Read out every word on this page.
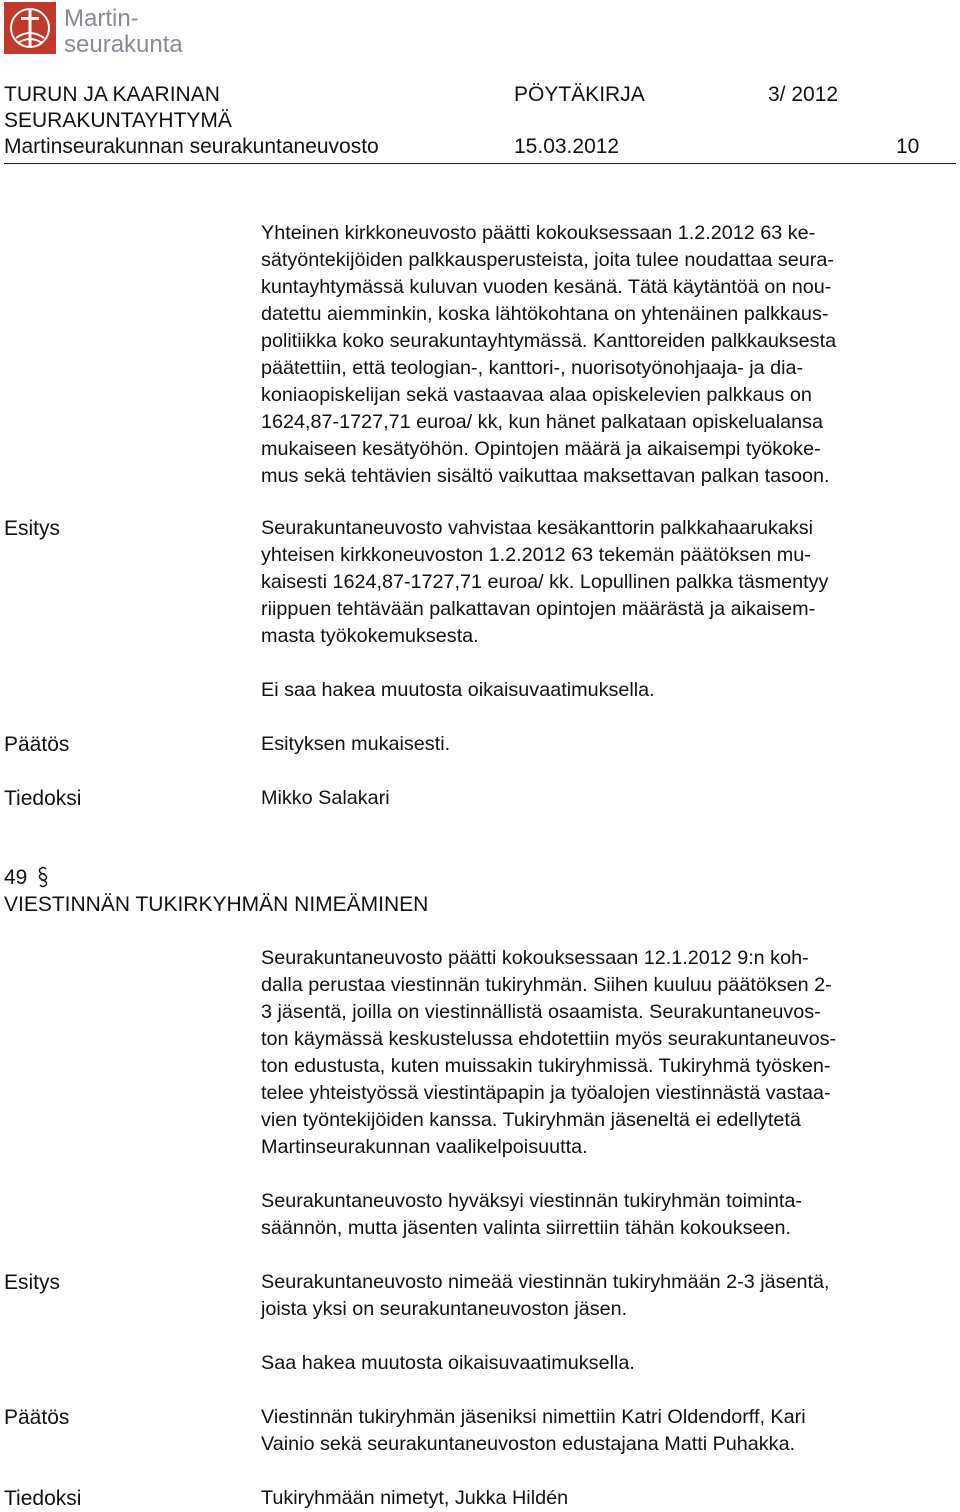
Martin-
seurakunta
TURUN JA KAARINAN	PÖYTÄKIRJA	3/ 2012
SEURAKUNTAYHTYMÄ
Martinseurakunnan seurakuntaneuvosto	15.03.2012	10
Yhteinen kirkkoneuvosto päätti kokouksessaan 1.2.2012 63 ke-
sätyöntekijöiden palkkausperusteista, joita tulee noudattaa seura-
kuntayhtymässä kuluvan vuoden kesänä. Tätä käytäntöä on nou-
datettu aiemminkin, koska lähtökohtana on yhtenäinen palkkaus-
politiikka koko seurakuntayhtymässä. Kanttoreiden palkkauksesta
päätettiin, että teologian-, kanttori-, nuorisotyönohjaaja- ja dia-
koniaopiskelijan sekä vastaavaa alaa opiskelevien palkkaus on
1624,87-1727,71 euroa/ kk, kun hänet palkataan opiskelualansa
mukaiseen kesätyöhön. Opintojen määrä ja aikaisempi työkoke-
mus sekä tehtävien sisältö vaikuttaa maksettavan palkan tasoon.
Esitys	Seurakuntaneuvosto vahvistaa kesäkanttorin palkkahaarukaksi
yhteisen kirkkoneuvoston 1.2.2012 63 tekemän päätöksen mu-
kaisesti 1624,87-1727,71 euroa/ kk. Lopullinen palkka täsmentyy
riippuen tehtävään palkattavan opintojen määrästä ja aikaisem-
masta työkokemuksesta.
Ei saa hakea muutosta oikaisuvaatimuksella.
Päätös	Esityksen mukaisesti.
Tiedoksi	Mikko Salakari
49
VIESTINNÄN TUKIRKYHMÄN NIMEÄMINEN
Seurakuntaneuvosto päätti kokouksessaan 12.1.2012 9:n koh-
dalla perustaa viestinnän tukiryhmän. Siihen kuuluu päätöksen 2-
3 jäsentä, joilla on viestinnällistä osaamista. Seurakuntaneuvos-
ton käymässä keskustelussa ehdotettiin myös seurakuntaneuvos-
ton edustusta, kuten muissakin tukiryhmissä. Tukiryhmä työsken-
telee yhteistyössä viestintäpapin ja työalojen viestinnästä vastaa-
vien työntekijöiden kanssa. Tukiryhmän jäseneltä ei edellytetä
Martinseurakunnan vaalikelpoisuutta.
Seurakuntaneuvosto hyväksyi viestinnän tukiryhmän toiminta-
säännön, mutta jäsenten valinta siirrettiin tähän kokoukseen.
Esitys	Seurakuntaneuvosto nimeää viestinnän tukiryhmään 2-3 jäsentä,
joista yksi on seurakuntaneuvoston jäsen.
Saa hakea muutosta oikaisuvaatimuksella.
Päätös	Viestinnän tukiryhmän jäseniksi nimettiin Katri Oldendorff, Kari
Vainio sekä seurakuntaneuvoston edustajana Matti Puhakka.
Tiedoksi	Tukiryhmään nimetyt, Jukka Hildén
